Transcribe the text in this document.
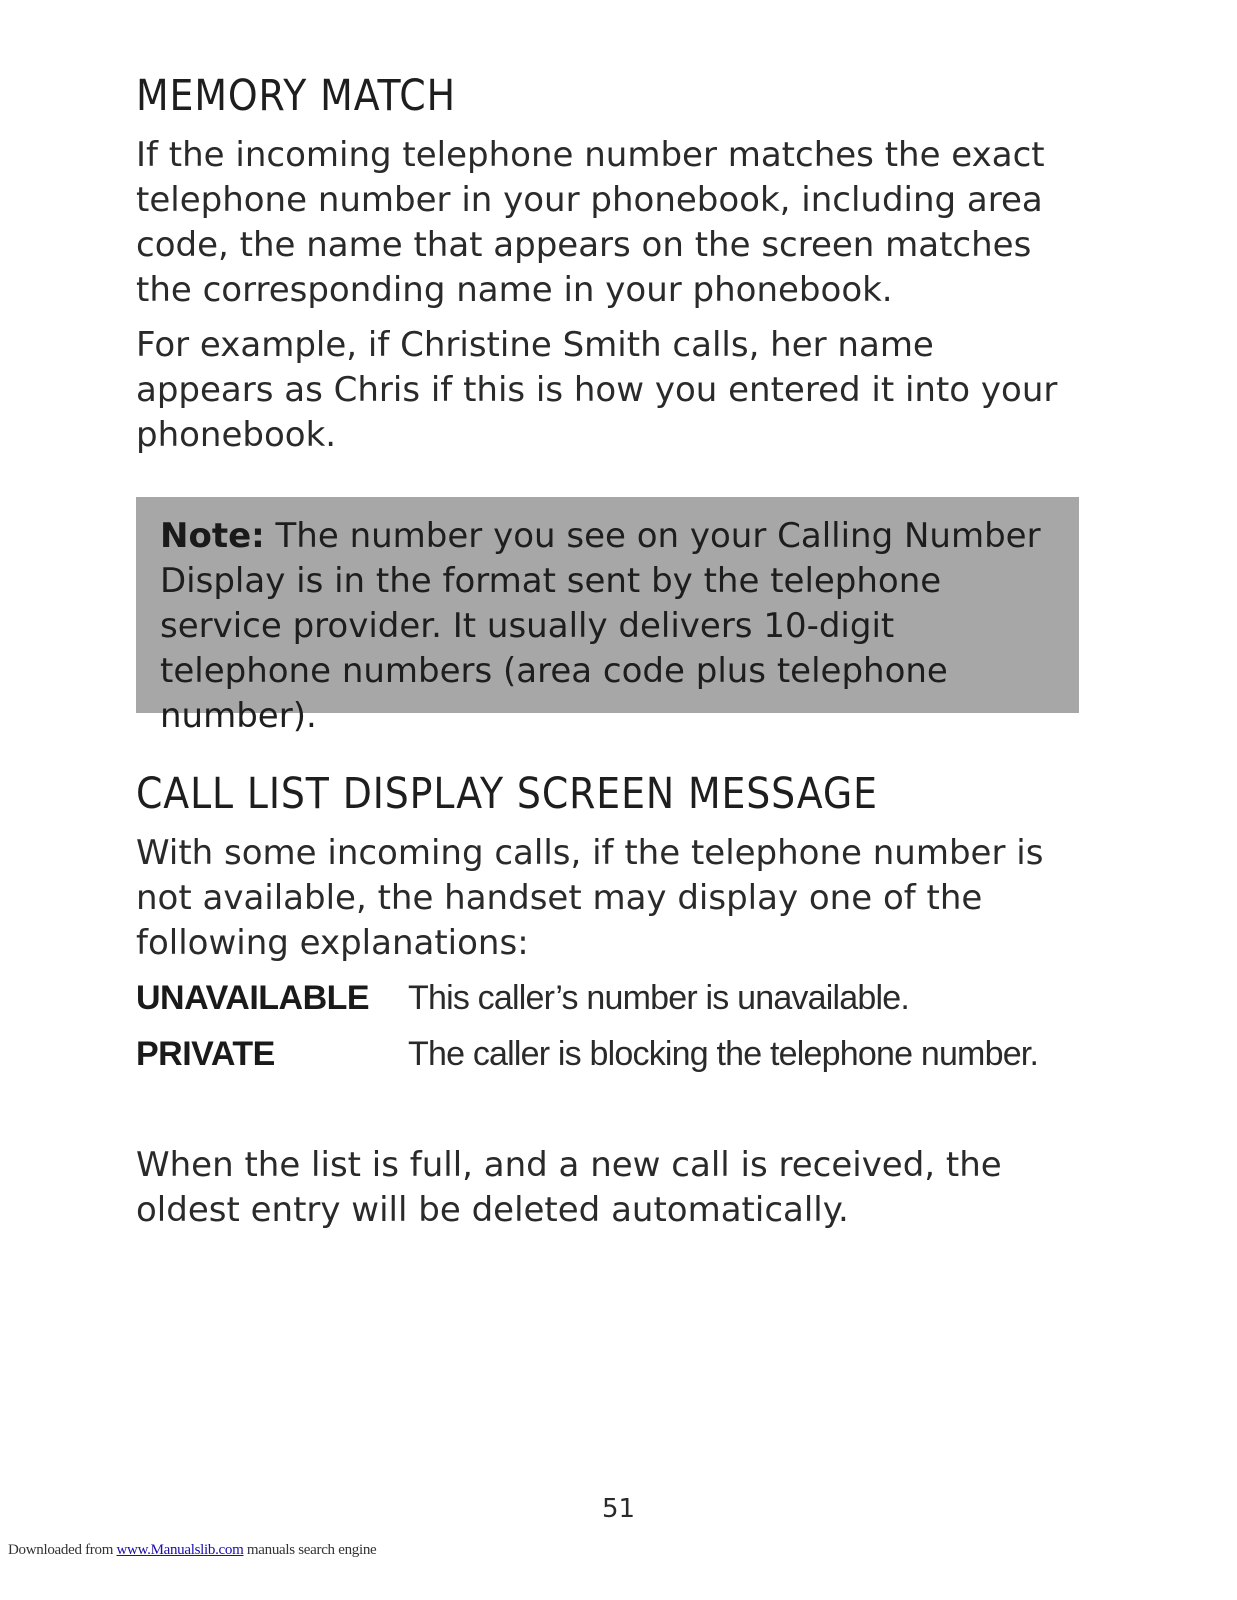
MEMORY MATCH

If the incoming telephone number matches the exact telephone number in your phonebook, including area code, the name that appears on the screen matches the corresponding name in your phonebook.

For example, if Christine Smith calls, her name appears as Chris if this is how you entered it into your phonebook.

CALL LIST DISPLAY SCREEN MESSAGE

With some incoming calls, if the telephone number is not available, the handset may display one of the following explanations:

UNAVAILABLE This caller’s number is unavailable.
PRIVATE	The caller is blocking the telephone number.

When the list is full, and a new call is received, the oldest entry will be deleted automatically.

Note: The number you see on your Calling Number Display is in the format sent by the telephone service provider. It usually delivers 10-digit telephone numbers (area code plus telephone number).

51
Downloaded from www.Manualslib.com manuals search engine
